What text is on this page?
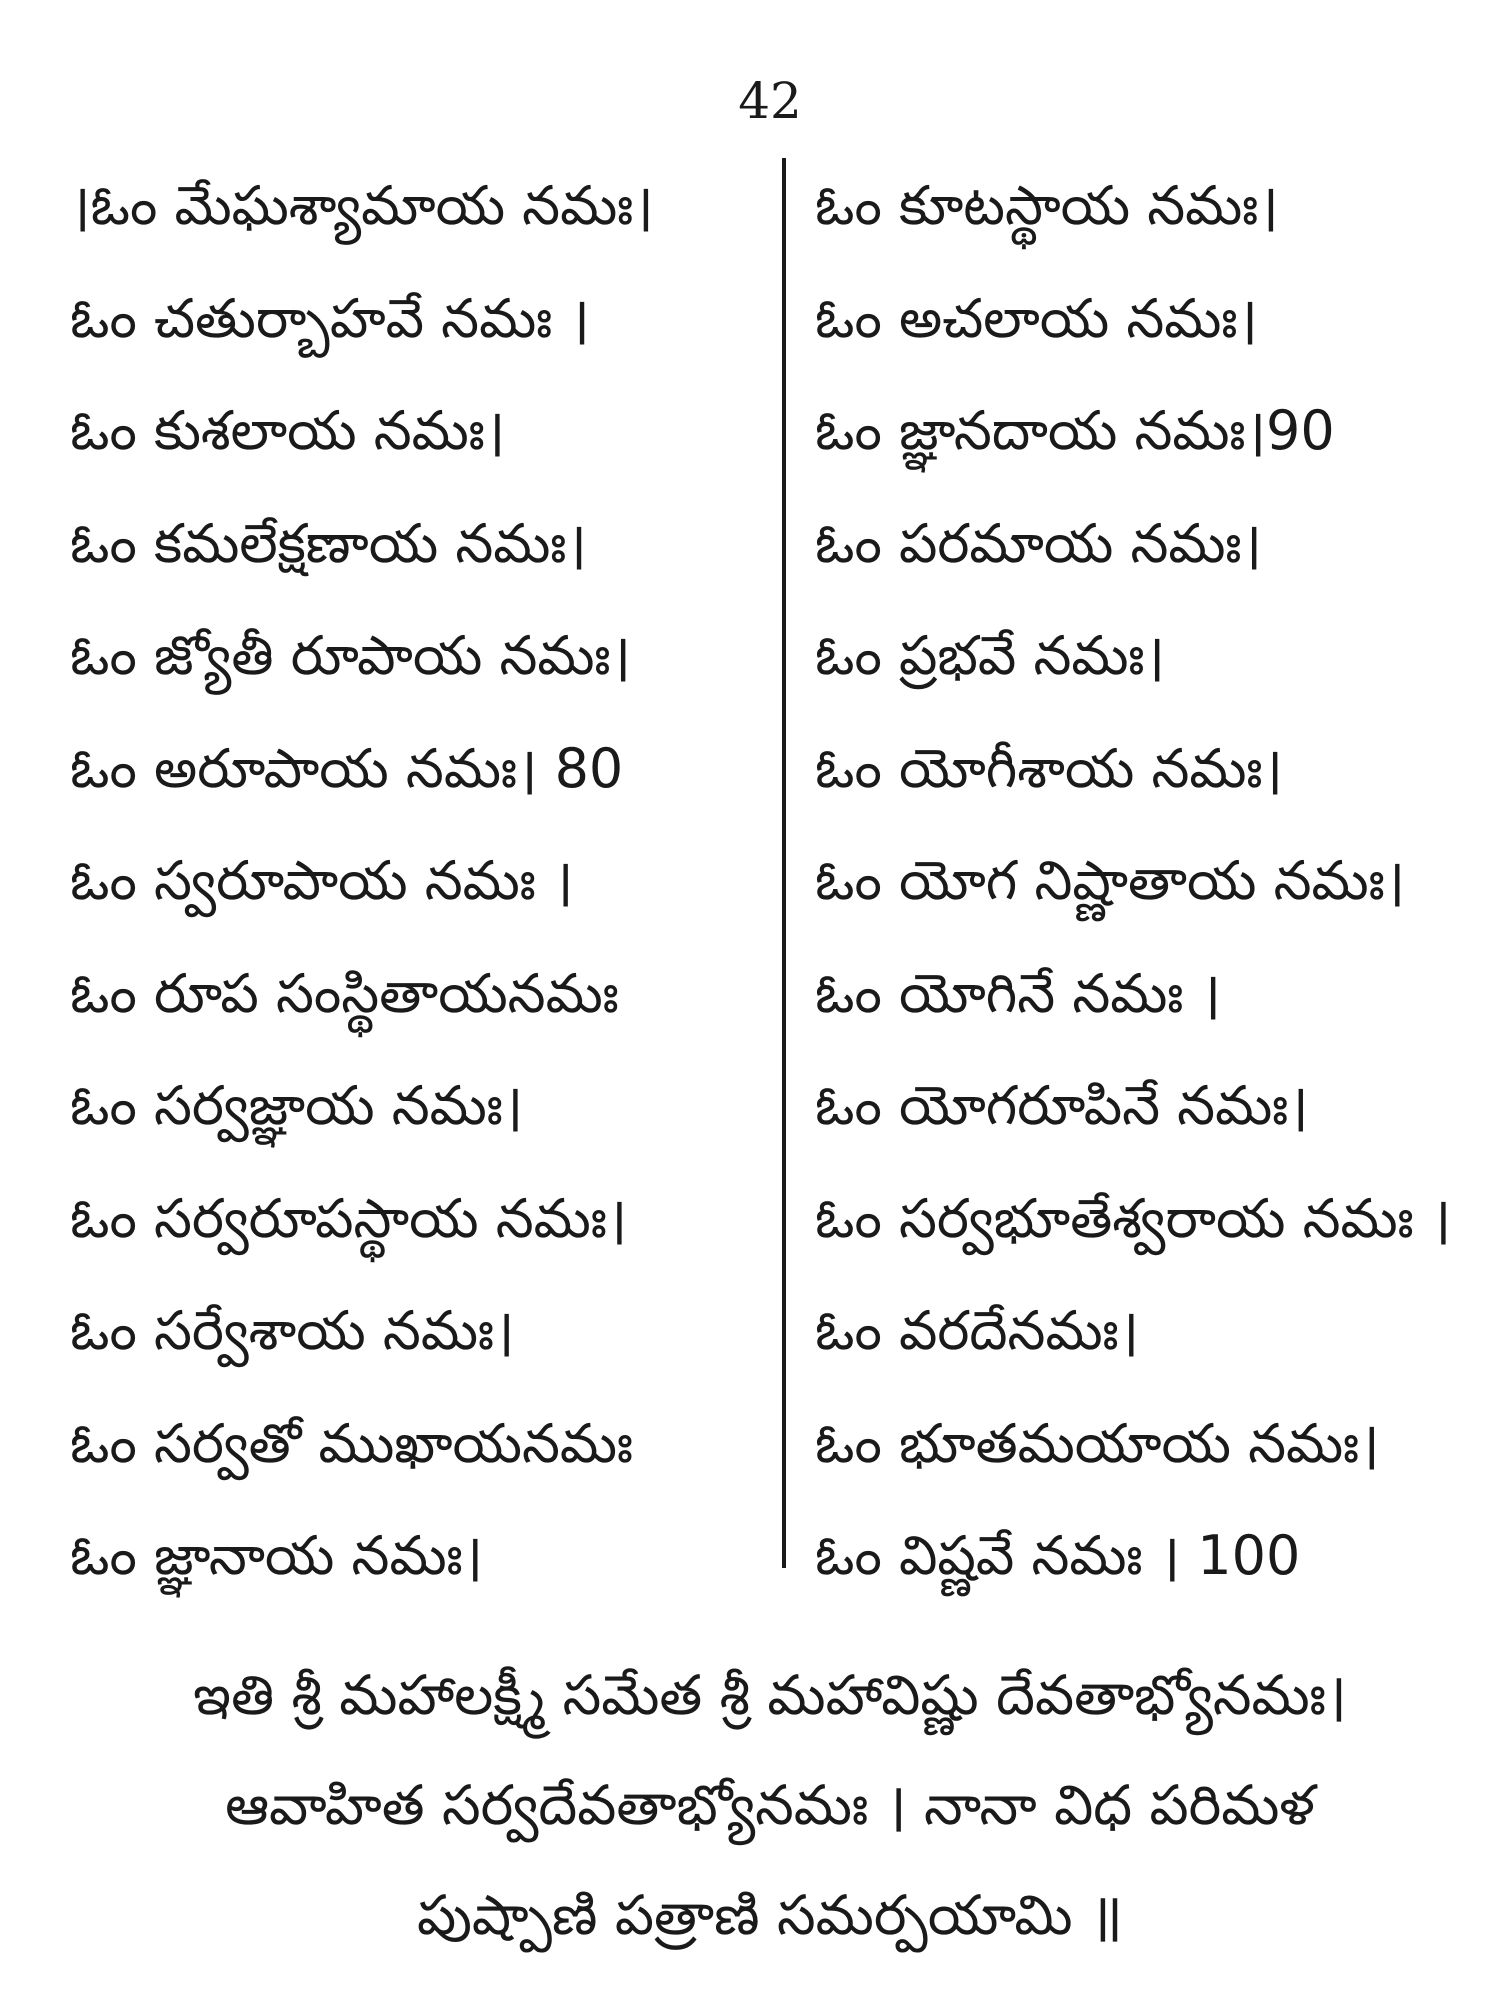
42
।ఓం మేఘశ్యామాయ నమః।
ఓం చతుర్బాహవే నమః ।
ఓం కుశలాయ నమః।
ఓం కమలేక్షణాయ నమః।
ఓం జ్యోతీ రూపాయ నమః।
ఓం అరూపాయ నమః। 80
ఓం స్వరూపాయ నమః ।
ఓం రూప సంస్థితాయనమః
ఓం సర్వజ్ఞాయ నమః।
ఓం సర్వరూపస్థాయ నమః।
ఓం సర్వేశాయ నమః।
ఓం సర్వతో ముఖాయనమః
ఓం జ్ఞానాయ నమః।
ఓం కూటస్థాయ నమః।
ఓం అచలాయ నమః।
ఓం జ్ఞానదాయ నమః।90
ఓం పరమాయ నమః।
ఓం ప్రభవే నమః।
ఓం యోగీశాయ నమః।
ఓం యోగ నిష్ణాతాయ నమః।
ఓం యోగినే నమః ।
ఓం యోగరూపినే నమః।
ఓం సర్వభూతేశ్వరాయ నమః ।
ఓం వరదేనమః।
ఓం భూతమయాయ నమః।
ఓం విష్ణవే నమః । 100

ఇతి శ్రీ మహాలక్ష్మీ సమేత శ్రీ మహావిష్ణు దేవతాభ్యోనమః।

ఆవాహిత సర్వదేవతాభ్యోనమః । నానా విధ పరిమళ

పుష్పాణి పత్రాణి సమర్పయామి ॥
